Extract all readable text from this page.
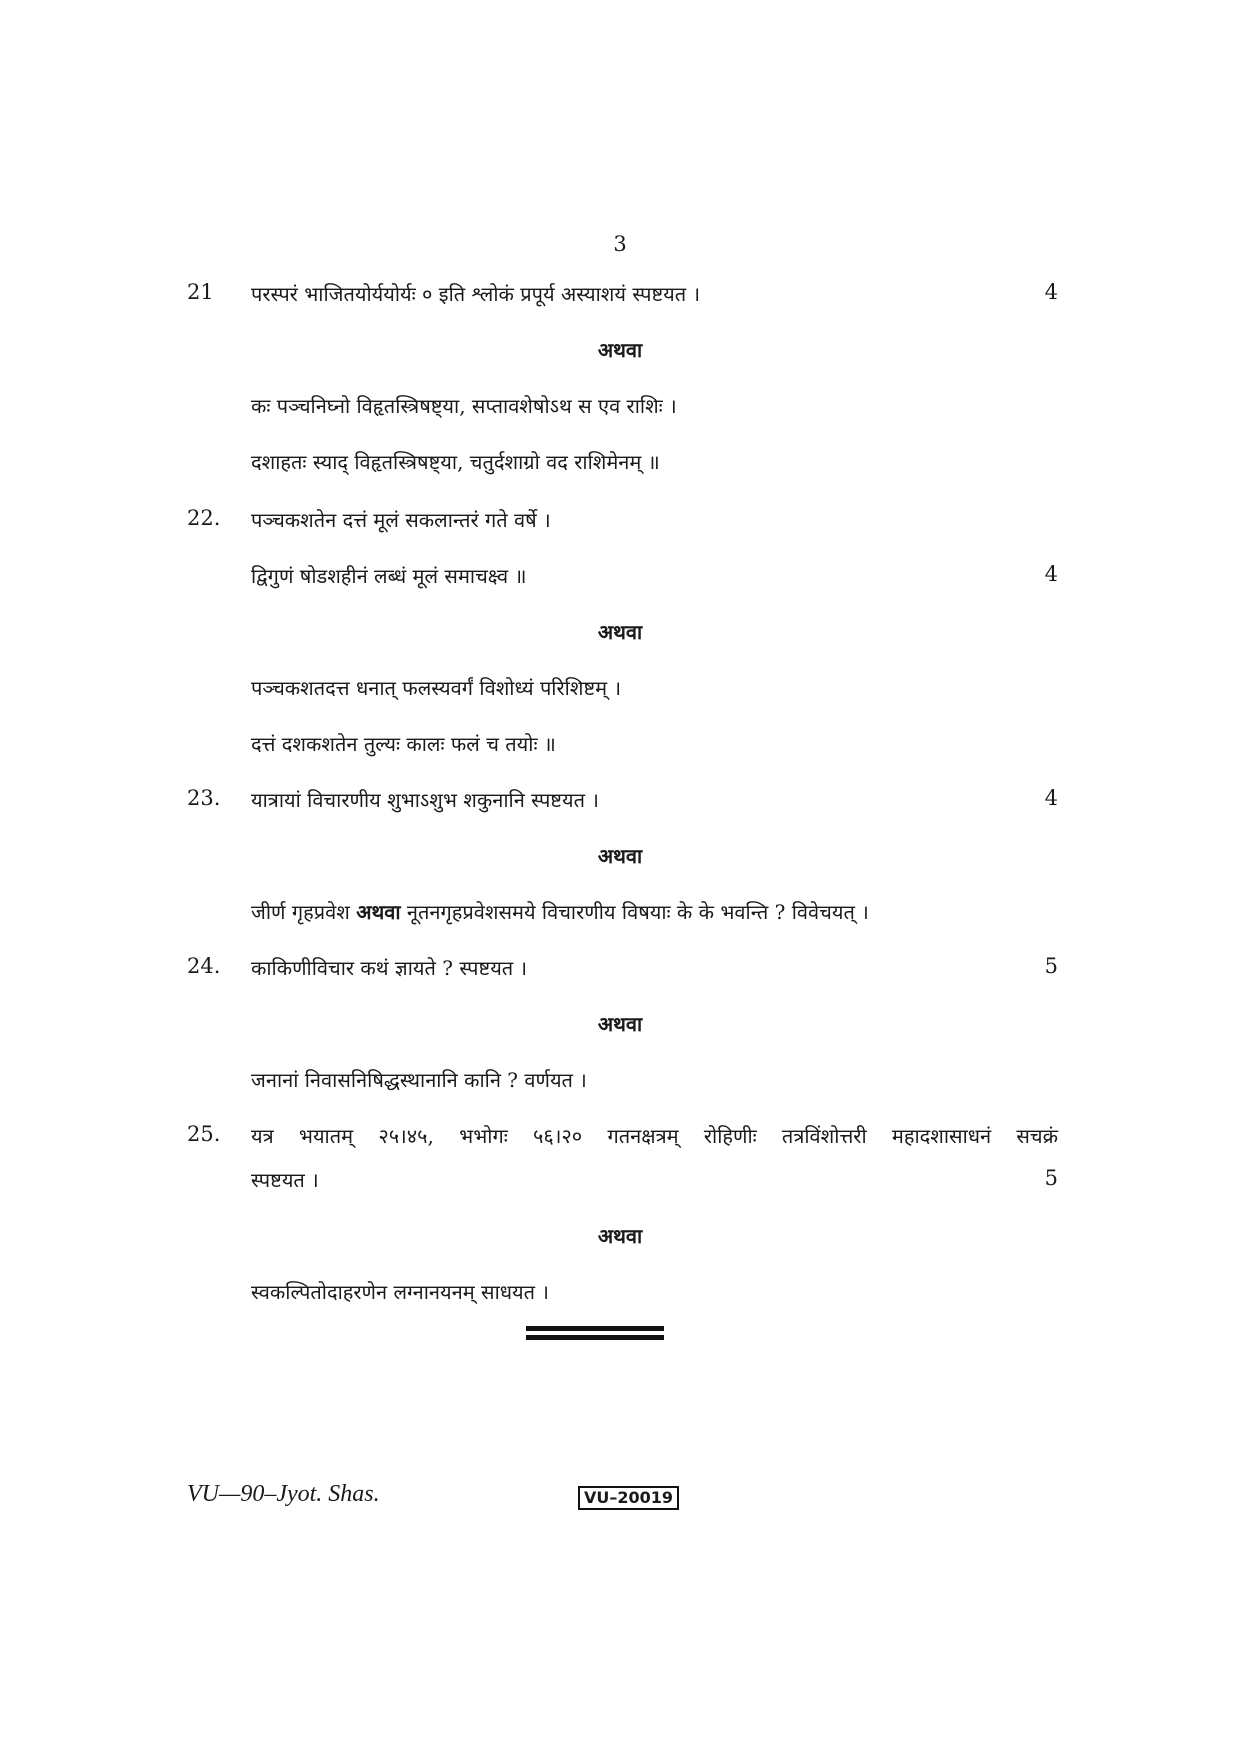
3
21 परस्परं भाजितयोर्ययोर्यः ० इति श्लोकं प्रपूर्य अस्याशयं स्पष्टयत ।	4
अथवा
कः पञ्चनिघ्नो विहृतस्त्रिषष्ट्या, सप्तावशेषोऽथ स एव राशिः ।
दशाहतः स्याद् विहृतस्त्रिषष्ट्या, चतुर्दशाग्रो वद राशिमेनम् ॥
22. पञ्चकशतेन दत्तं मूलं सकलान्तरं गते वर्षे ।
द्विगुणं षोडशहीनं लब्धं मूलं समाचक्ष्व ॥	4
अथवा
पञ्चकशतदत्त धनात् फलस्यवर्गं विशोध्यं परिशिष्टम् ।
दत्तं दशकशतेन तुल्यः कालः फलं च तयोः ॥
23. यात्रायां विचारणीय शुभाऽशुभ शकुनानि स्पष्टयत ।	4
अथवा
जीर्ण गृहप्रवेश अथवा नूतनगृहप्रवेशसमये विचारणीय विषयाः के के भवन्ति ? विवेचयत् ।
24. काकिणीविचार कथं ज्ञायते ? स्पष्टयत ।	5
अथवा
जनानां निवासनिषिद्धस्थानानि कानि ? वर्णयत ।
25. यत्र भयातम् २५।४५, भभोगः ५६।२० गतनक्षत्रम् रोहिणीः तत्रविंशोत्तरी महादशासाधनं सचक्रं
स्पष्टयत ।	5
अथवा
स्वकल्पितोदाहरणेन लग्नानयनम् साधयत ।
VU—90–Jyot. Shas.	VU–20019
